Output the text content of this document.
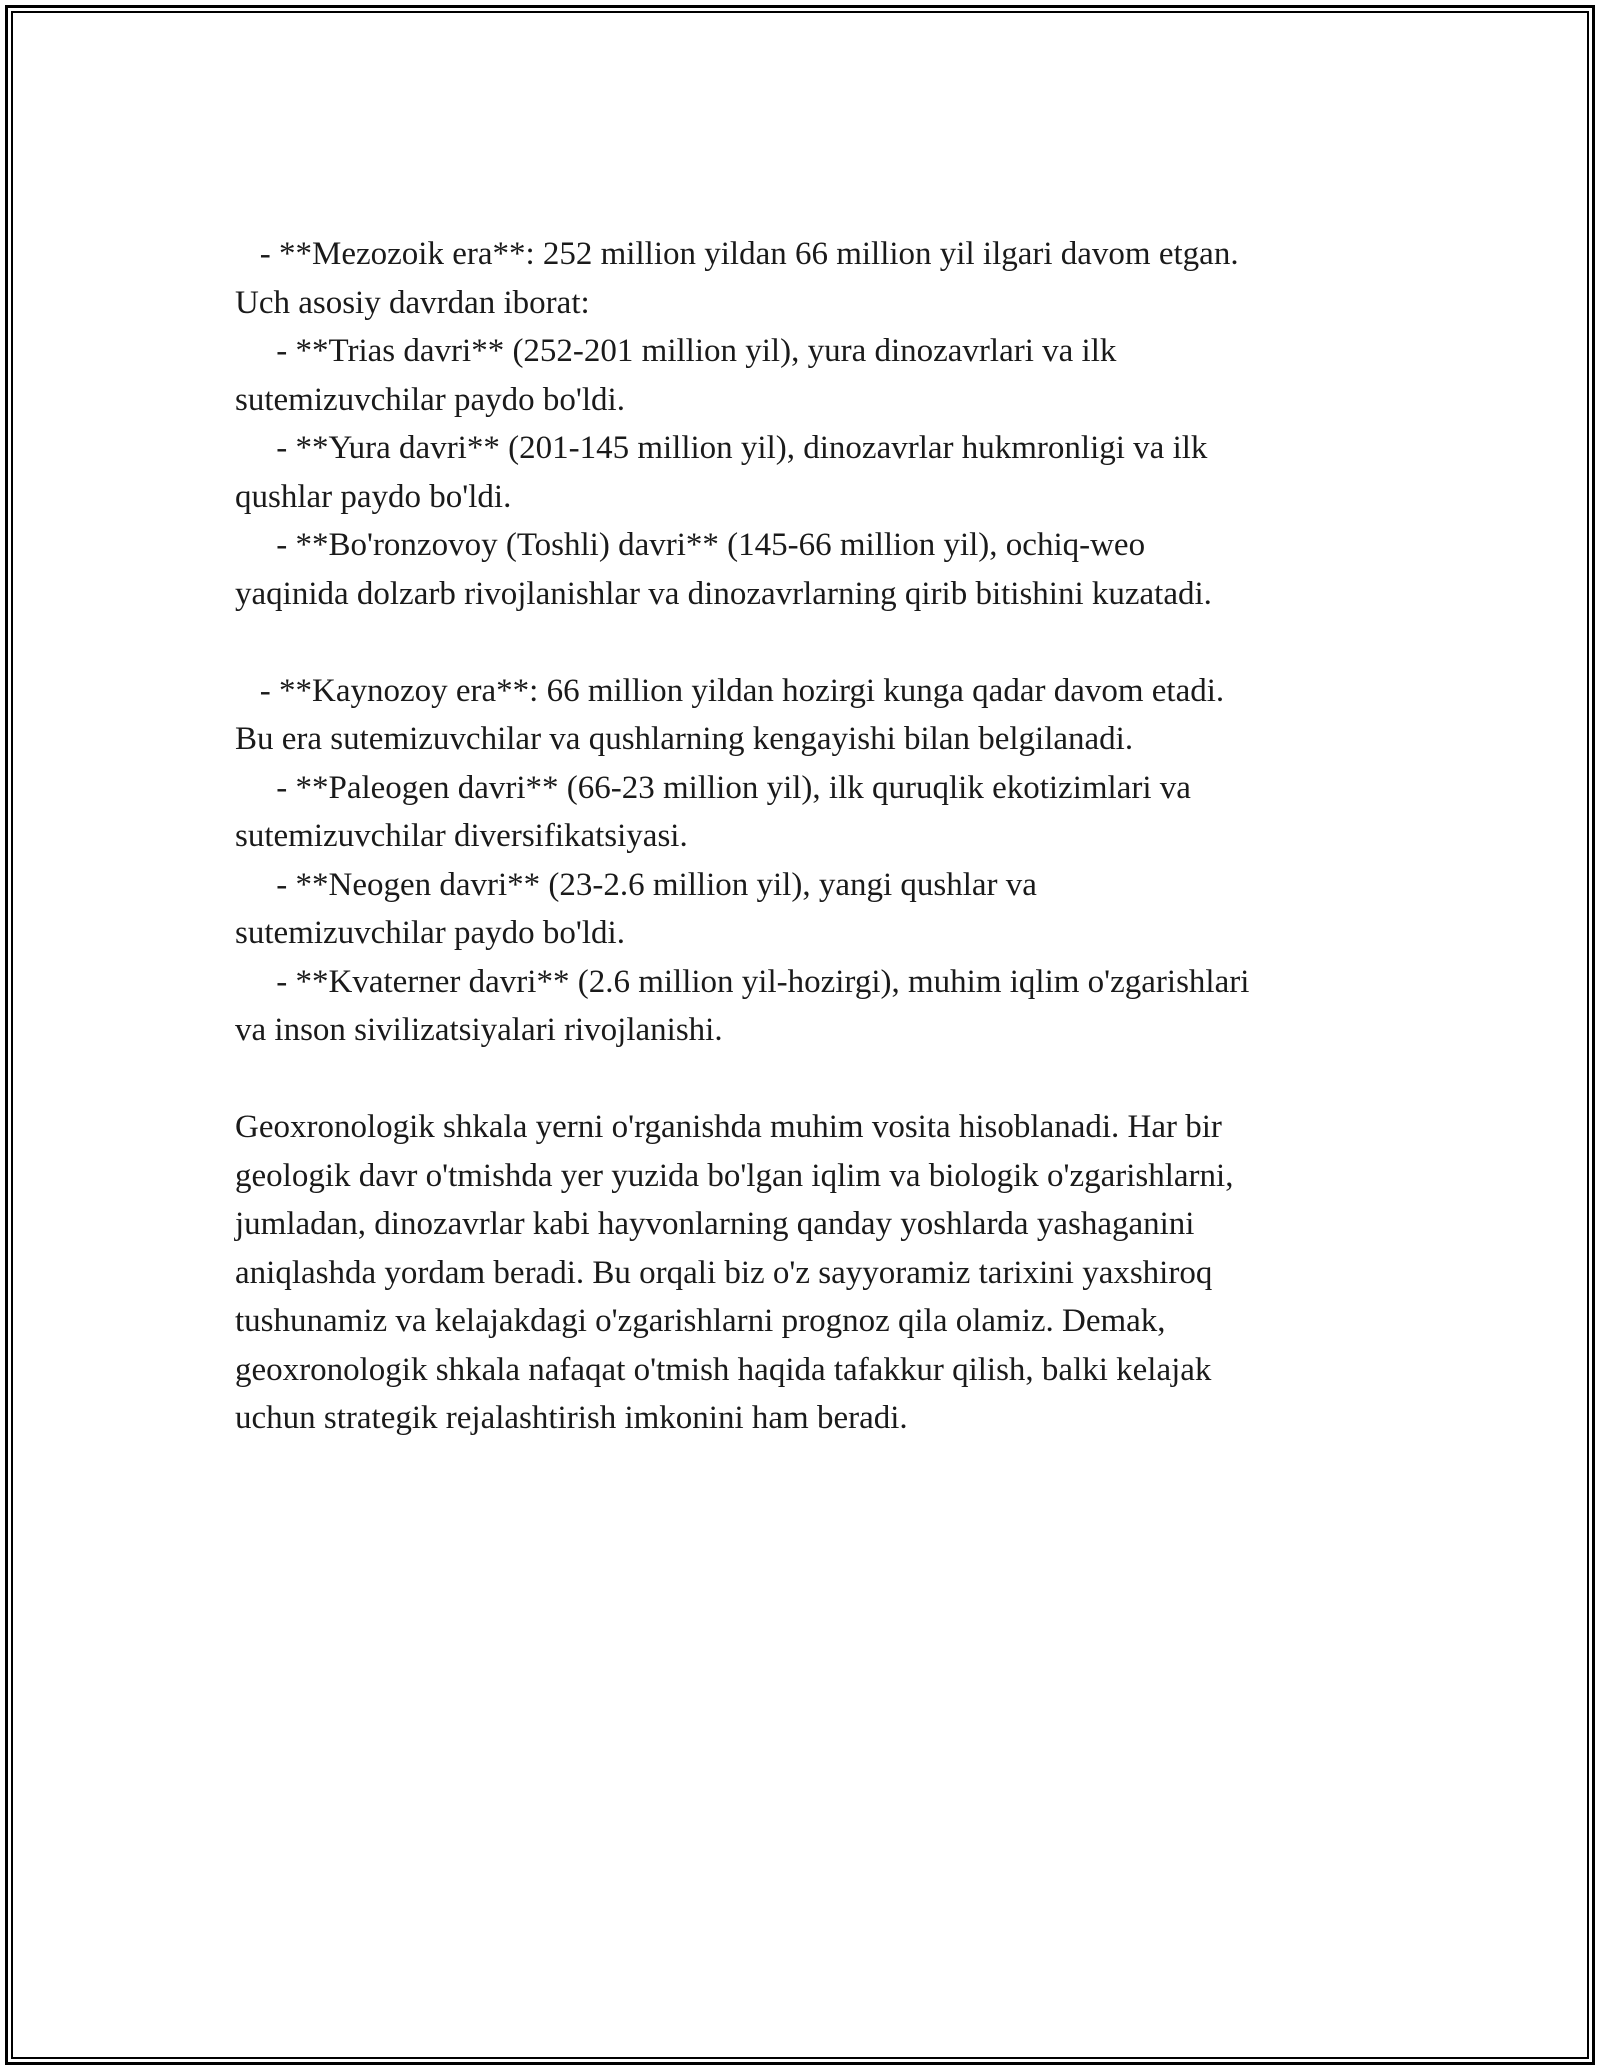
- **Mezozoik era**: 252 million yildan 66 million yil ilgari davom etgan.
Uch asosiy davrdan iborat:
- **Trias davri** (252-201 million yil), yura dinozavrlari va ilk
sutemizuvchilar paydo bo'ldi.
- **Yura davri** (201-145 million yil), dinozavrlar hukmronligi va ilk
qushlar paydo bo'ldi.
- **Bo'ronzovoy (Toshli) davri** (145-66 million yil), ochiq-weo
yaqinida dolzarb rivojlanishlar va dinozavrlarning qirib bitishini kuzatadi.
- **Kaynozoy era**: 66 million yildan hozirgi kunga qadar davom etadi.
Bu era sutemizuvchilar va qushlarning kengayishi bilan belgilanadi.
- **Paleogen davri** (66-23 million yil), ilk quruqlik ekotizimlari va
sutemizuvchilar diversifikatsiyasi.
- **Neogen davri** (23-2.6 million yil), yangi qushlar va
sutemizuvchilar paydo bo'ldi.
- **Kvaterner davri** (2.6 million yil-hozirgi), muhim iqlim o'zgarishlari
va inson sivilizatsiyalari rivojlanishi.
Geoxronologik shkala yerni o'rganishda muhim vosita hisoblanadi. Har bir
geologik davr o'tmishda yer yuzida bo'lgan iqlim va biologik o'zgarishlarni,
jumladan, dinozavrlar kabi hayvonlarning qanday yoshlarda yashaganini
aniqlashda yordam beradi. Bu orqali biz o'z sayyoramiz tarixini yaxshiroq
tushunamiz va kelajakdagi o'zgarishlarni prognoz qila olamiz. Demak,
geoxronologik shkala nafaqat o'tmish haqida tafakkur qilish, balki kelajak
uchun strategik rejalashtirish imkonini ham beradi.
